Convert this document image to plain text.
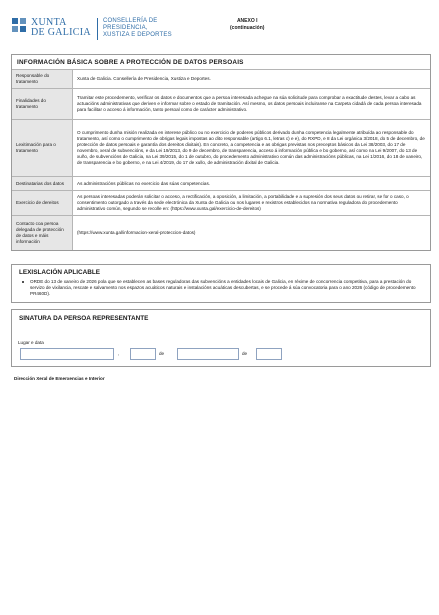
XUNTA
DE GALICIA
CONSELLERÍA DE
PRESIDENCIA,
XUSTIZA E DEPORTES
ANEXO I
(continuación)
INFORMACIÓN BÁSICA SOBRE A PROTECCIÓN DE DATOS PERSOAIS
Responsable do tratamento	Xunta de Galicia. Consellería de Presidencia, Xustiza e Deportes.
Finalidades do tratamento	Tramitar este procedemento, verificar os datos e documentos que a persoa interesada achegue na súa solicitude para comprobar a exactitude destes, levar a cabo as actuacións administrativas que deriven e informar sobre o estado de tramitación. Así mesmo, os datos persoais incluiranse na Carpeta cidadá de cada persoa interesada para facilitar o acceso á información, tanto persoal como de carácter administrativo.
Lexitimación para o tratamento	O cumprimento dunha misión realizada en interese público ou no exercicio de poderes públicos derivado dunha competencia legalmente atribuída ao responsable do tratamento, así como o cumprimento de obrigas legais impostas ao dito responsable (artigo 6.1, letras c) e e), do RXPD, e 8 da Lei orgánica 3/2018, do 5 de decembro, de protección de datos persoais e garantía dos dereitos dixitais). En concreto, a competencia e as obrigas previstas nos preceptos básicos da Lei 38/2003, do 17 de novembro, xeral de subvencións, e da Lei 19/2013, do 9 de decembro, de transparencia, acceso á información pública e bo goberno, así como na Lei 9/2007, do 13 de xuño, de subvencións de Galicia, na Lei 39/2015, do 1 de outubro, do procedemento administrativo común das administracións públicas, na Lei 1/2016, do 18 de xaneiro, de transparencia e bo goberno, e na Lei 4/2019, do 17 de xullo, de administración dixital de Galicia.
Destinatarias dos datos	As administracións públicas no exercicio das súas competencias.
Exercicio de dereitos	As persoas interesadas poderán solicitar o acceso, a rectificación, a oposición, a limitación, a portabilidade e a supresión dos seus datos ou retirar, se for o caso, o consentimento outorgado a través da sede electrónica da Xunta de Galicia ou nos lugares e rexistros establecidos na normativa reguladora do procedemento administrativo común, segundo se recolle en: (https://www.xunta.gal/exercicio-de-dereitos)
Contacto coa persoa delegada de protección de datos e máis información	(https://www.xunta.gal/informacion-xeral-proteccion-datos)
LEXISLACIÓN APLICABLE
ORDE do 13 de xaneiro de 2026 pola que se establecen as bases reguladoras das subvencións a entidades locais de Galicia, en réxime de concorrencia competitiva, para a prestación do servizo de vixilancia, rescate e salvamento nos espazos acuáticos naturais e instalacións acuáticas descubertas, e se procede á súa convocatoria para o ano 2026 (código de procedemento PR460D).
SINATURA DA PERSOA REPRESENTANTE
Lugar e data
,	de	de
Dirección Xeral de Emerxencias e Interior
